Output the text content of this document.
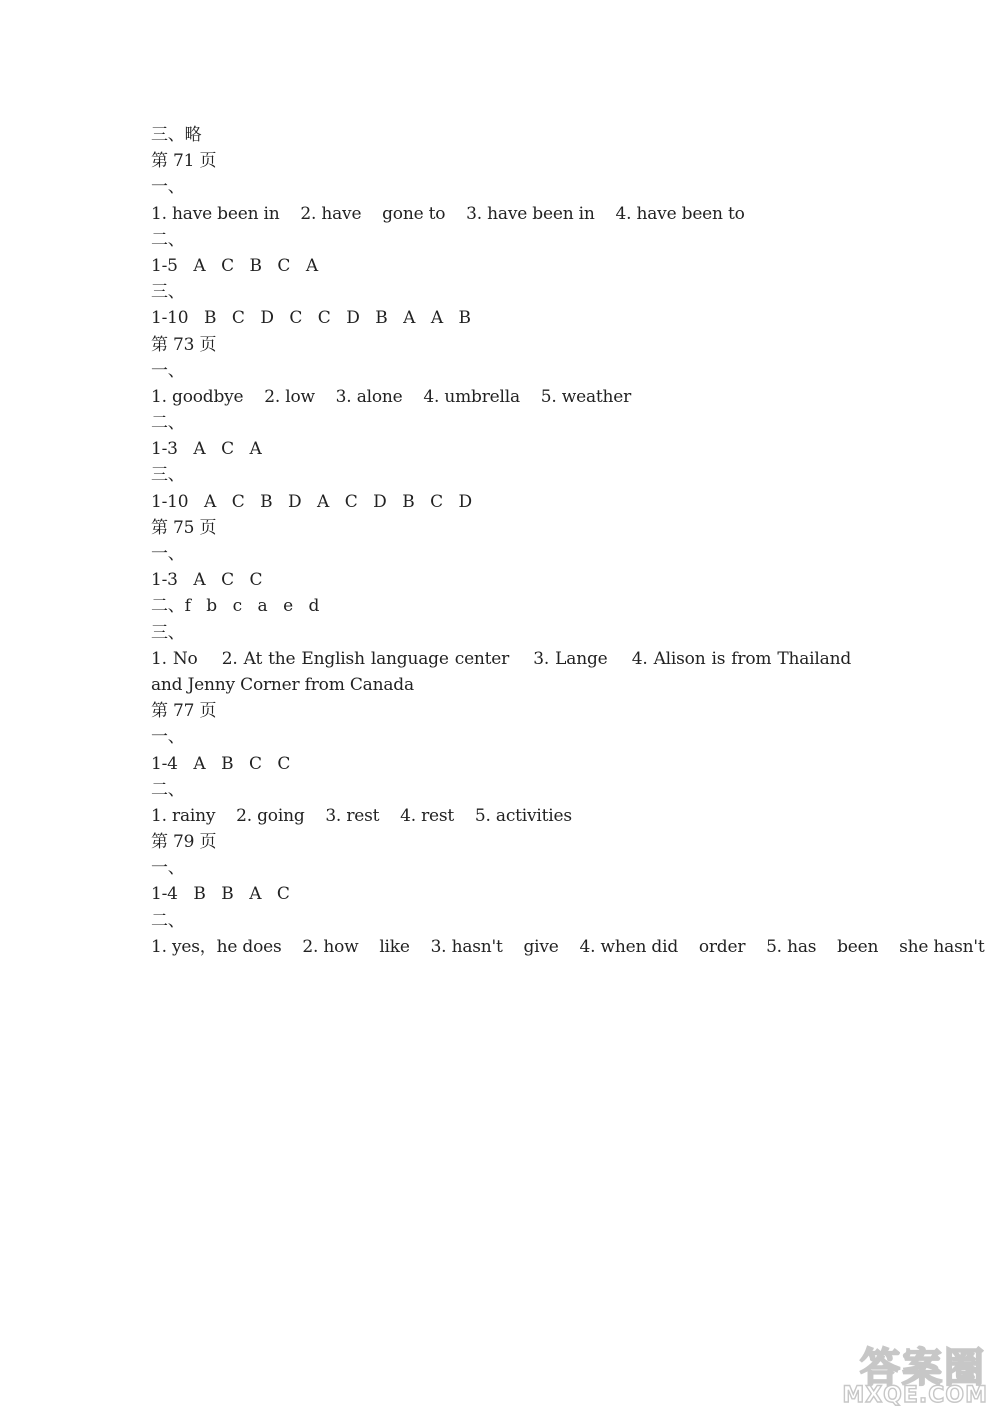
三、略
第 71 页
一、
1. have been in    2. have    gone to    3. have been in    4. have been to
二、
1-5   A   C   B   C   A
三、
1-10   B   C   D   C   C   D   B   A   A   B
第 73 页
一、
1. goodbye    2. low    3. alone    4. umbrella    5. weather
二、
1-3   A   C   A
三、
1-10   A   C   B   D   A   C   D   B   C   D
第 75 页
一、
1-3   A   C   C
二、f   b   c   a   e   d
三、
1. No    2. At the English language center    3. Lange    4. Alison is from Thailand and Jenny Corner from Canada
第 77 页
一、
1-4   A   B   C   C
二、
1. rainy    2. going    3. rest    4. rest    5. activities
第 79 页
一、
1-4   B   B   A   C
二、
1. yes，he does    2. how    like    3. hasn't    give    4. when did    order    5. has    been    she hasn't
答案圈
MXQE.COM
